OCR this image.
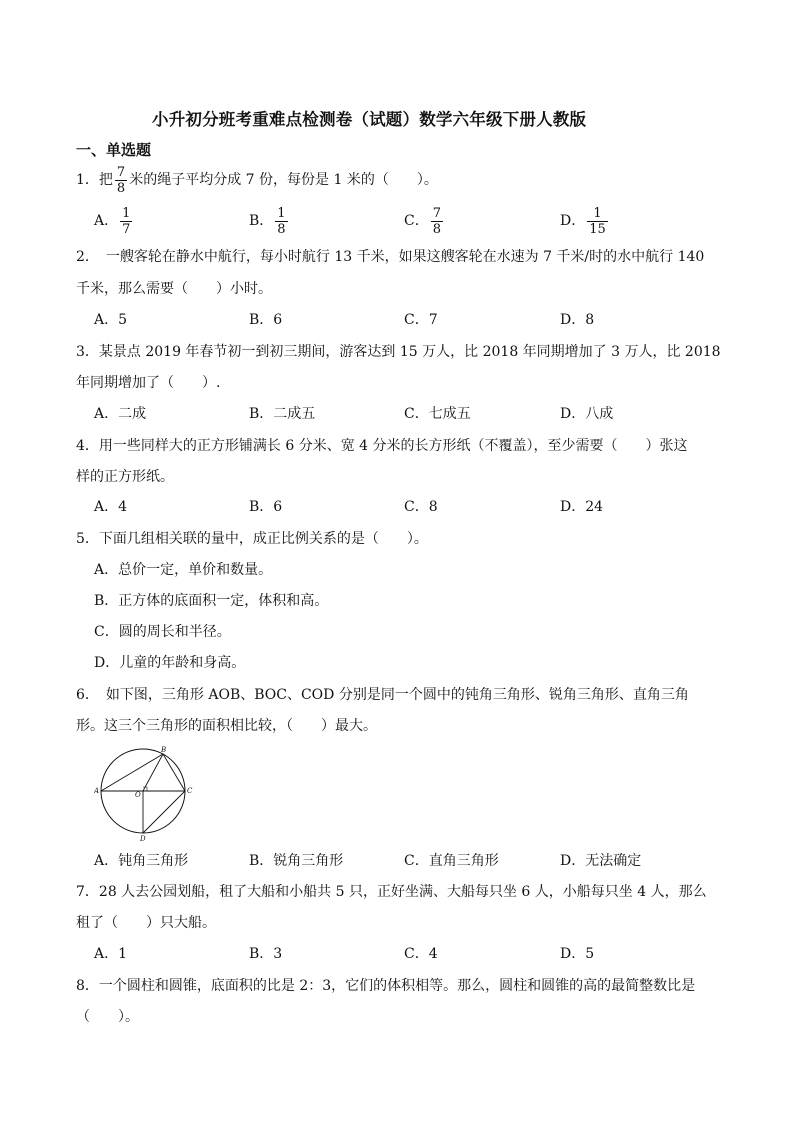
小升初分班考重难点检测卷（试题）数学六年级下册人教版
一、单选题
1．把 $\frac{7}{8}$ 米的绳子平均分成 7 份，每份是 1 米的（　　）。
A． $\frac{1}{7}$	B． $\frac{1}{8}$	C． $\frac{7}{8}$	D． $\frac{1}{15}$
2．　一艘客轮在静水中航行，每小时航行 13 千米，如果这艘客轮在水速为 7 千米/时的水中航行 140
千米，那么需要（　　）小时。
A．5	B．6	C．7	D．8
3．某景点 2019 年春节初一到初三期间，游客达到 15 万人，比 2018 年同期增加了 3 万人，比 2018
年同期增加了（　　）.
A．二成	B．二成五	C．七成五	D．八成
4．用一些同样大的正方形铺满长 6 分米、宽 4 分米的长方形纸（不覆盖），至少需要（　　）张这
样的正方形纸。
A．4	B．6	C．8	D．24
5．下面几组相关联的量中，成正比例关系的是（　　）。
A．总价一定，单价和数量。
B．正方体的底面积一定，体积和高。
C．圆的周长和半径。
D．儿童的年龄和身高。
6．　如下图，三角形 AOB、BOC、COD 分别是同一个圆中的钝角三角形、锐角三角形、直角三角
形。这三个三角形的面积相比较，（　　）最大。
A
B
C
O
D
A．钝角三角形	B．锐角三角形	C．直角三角形	D．无法确定
7．28 人去公园划船，租了大船和小船共 5 只，正好坐满、大船每只坐 6 人，小船每只坐 4 人，那么
租了（　　）只大船。
A．1	B．3	C．4	D．5
8．一个圆柱和圆锥，底面积的比是 2：3，它们的体积相等。那么，圆柱和圆锥的高的最简整数比是
（　　）。
